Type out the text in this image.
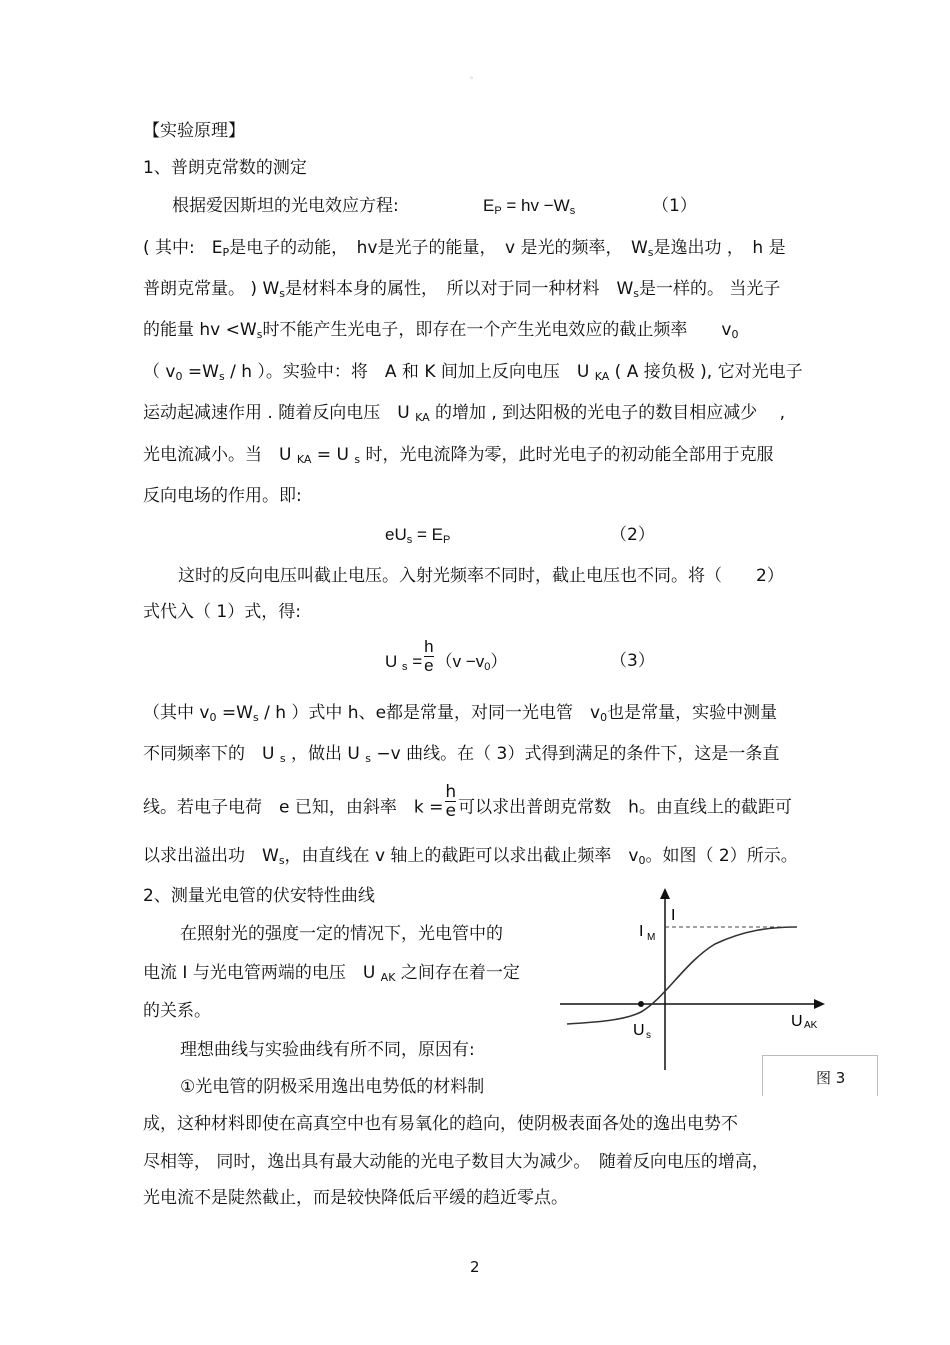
。
【实验原理】
1、普朗克常数的测定
根据爱因斯坦的光电效应方程:	$E_P$ = hv $-W_s$	（1）
( 其中:　$E_P$是电子的动能，　hv是光子的能量，　v 是光的频率，　$W_s$是逸出功 ，　h 是
普朗克常量。 ) $W_s$是材料本身的属性，　所以对于同一种材料　$W_s$是一样的。 当光子
的能量 hv $<W_s$时不能产生光电子，即存在一个产生光电效应的截止频率　　$v_0$
（ $v_0 =W_s / h$ ）。实验中：将　A 和 K 间加上反向电压　U $_{KA}$ ( A 接负极 ), 它对光电子
运动起减速作用 . 随着反向电压　U $_{KA}$ 的增加 , 到达阳极的光电子的数目相应减少　 ,
光电流减小。当　U $_{KA}$ = U $_s$ 时，光电流降为零，此时光电子的初动能全部用于克服
反向电场的作用。即:
$eU_s = E_P$	（2）
这时的反向电压叫截止电压。入射光频率不同时，截止电压也不同。将（　　2）
式代入（ 1）式，得:
U $_s = \frac{h}{e} (v -v_0)$	（3）
（其中 $v_0 =W_s / h$ ）式中 h、e都是常量，对同一光电管　$v_0$也是常量，实验中测量
不同频率下的　U $_s$ ，做出 U $_s$ −v 曲线。在（ 3）式得到满足的条件下，这是一条直
线。若电子电荷　e 已知，由斜率　$k = \frac{h}{e}$ 可以求出普朗克常数　h。由直线上的截距可
以求出溢出功　$W_s$，由直线在 v 轴上的截距可以求出截止频率　$v_0$。如图（ 2）所示。
2、测量光电管的伏安特性曲线
在照射光的强度一定的情况下，光电管中的
电流 I 与光电管两端的电压　U $_{AK}$ 之间存在着一定
的关系。
理想曲线与实验曲线有所不同，原因有:
①光电管的阴极采用逸出电势低的材料制
成，这种材料即使在高真空中也有易氧化的趋向，使阴极表面各处的逸出电势不
尽相等， 同时，逸出具有最大动能的光电子数目大为减少。　随着反向电压的增高，
光电流不是陡然截止，而是较快降低后平缓的趋近零点。
I
I M
U AK
U s
图 3
2
